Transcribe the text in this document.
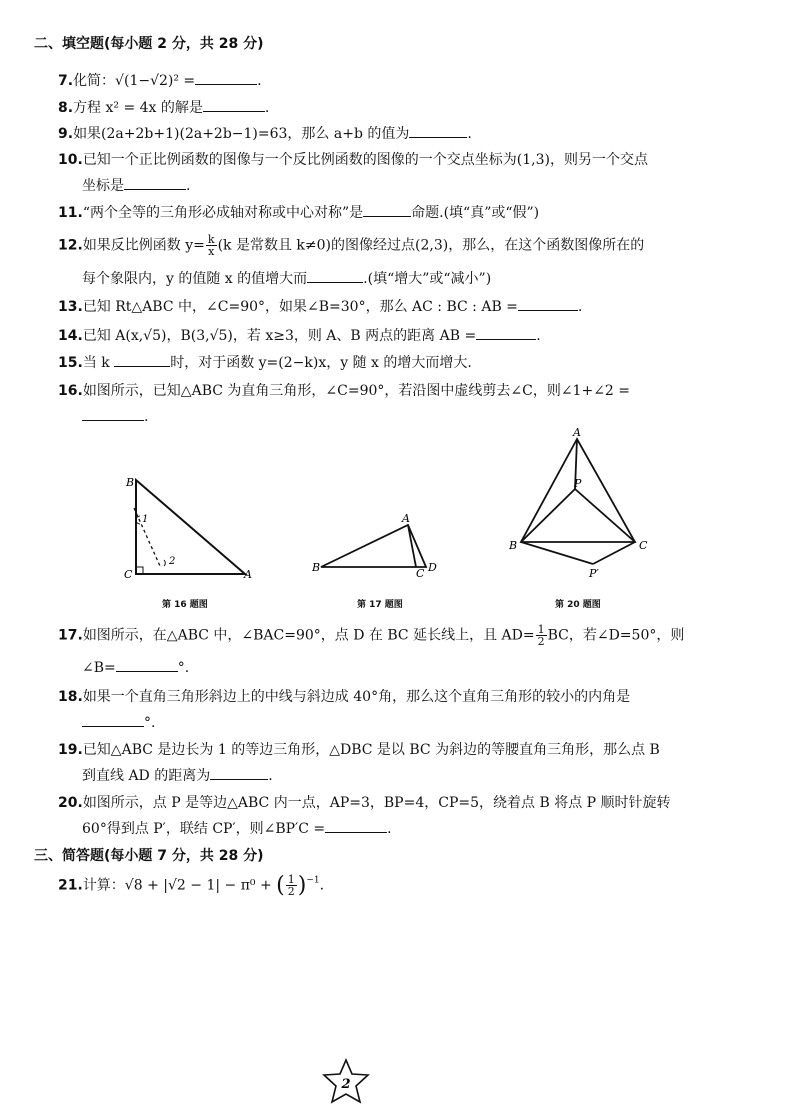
二、填空题(每小题 2 分，共 28 分)
7.化简：√(1−√2)² =	.
8.方程 x² = 4x 的解是	.
9.如果(2a+2b+1)(2a+2b−1)=63，那么 a+b 的值为	.
10.已知一个正比例函数的图像与一个反比例函数的图像的一个交点坐标为(1,3)，则另一个交点
坐标是	.
11.“两个全等的三角形必成轴对称或中心对称”是	命题.(填“真”或“假”)
12.如果反比例函数 $y= \frac{k}{x} (k$ 是常数且 k≠0)的图像经过点(2,3)，那么，在这个函数图像所在的
每个象限内，y 的值随 x 的值增大而	.(填“增大”或“减小”)
13.已知 Rt△ABC 中，∠C=90°，如果∠B=30°，那么 AC : BC : AB =	.
14.已知 A(x,√5)，B(3,√5)，若 x≥3，则 A、B 两点的距离 AB =	.
15.当 k	时，对于函数 y=(2−k)x，y 随 x 的增大而增大.
16.如图所示，已知△ABC 为直角三角形，∠C=90°，若沿图中虚线剪去∠C，则∠1+∠2 =
.
B
C	A
1
2
第 16 题图
A
B	C D
第 17 题图
A
P
B	C
P′
第 20 题图
17.如图所示，在△ABC 中，∠BAC=90°，点 D 在 BC 延长线上，且 $AD= \frac{1}{2}$ BC，若∠D=50°，则
∠B=	°.
18.如果一个直角三角形斜边上的中线与斜边成 40°角，那么这个直角三角形的较小的内角是
°.
19.已知△ABC 是边长为 1 的等边三角形，△DBC 是以 BC 为斜边的等腰直角三角形，那么点 B
到直线 AD 的距离为	.
20.如图所示，点 P 是等边△ABC 内一点，AP=3，BP=4，CP=5，绕着点 B 将点 P 顺时针旋转
60°得到点 P′，联结 CP′，则∠BP′C =	.
三、简答题(每小题 7 分，共 28 分)
21.计算：√8 + |√2 − 1| − π⁰ + ( $\frac{1}{2} )^{-1}$.
2
